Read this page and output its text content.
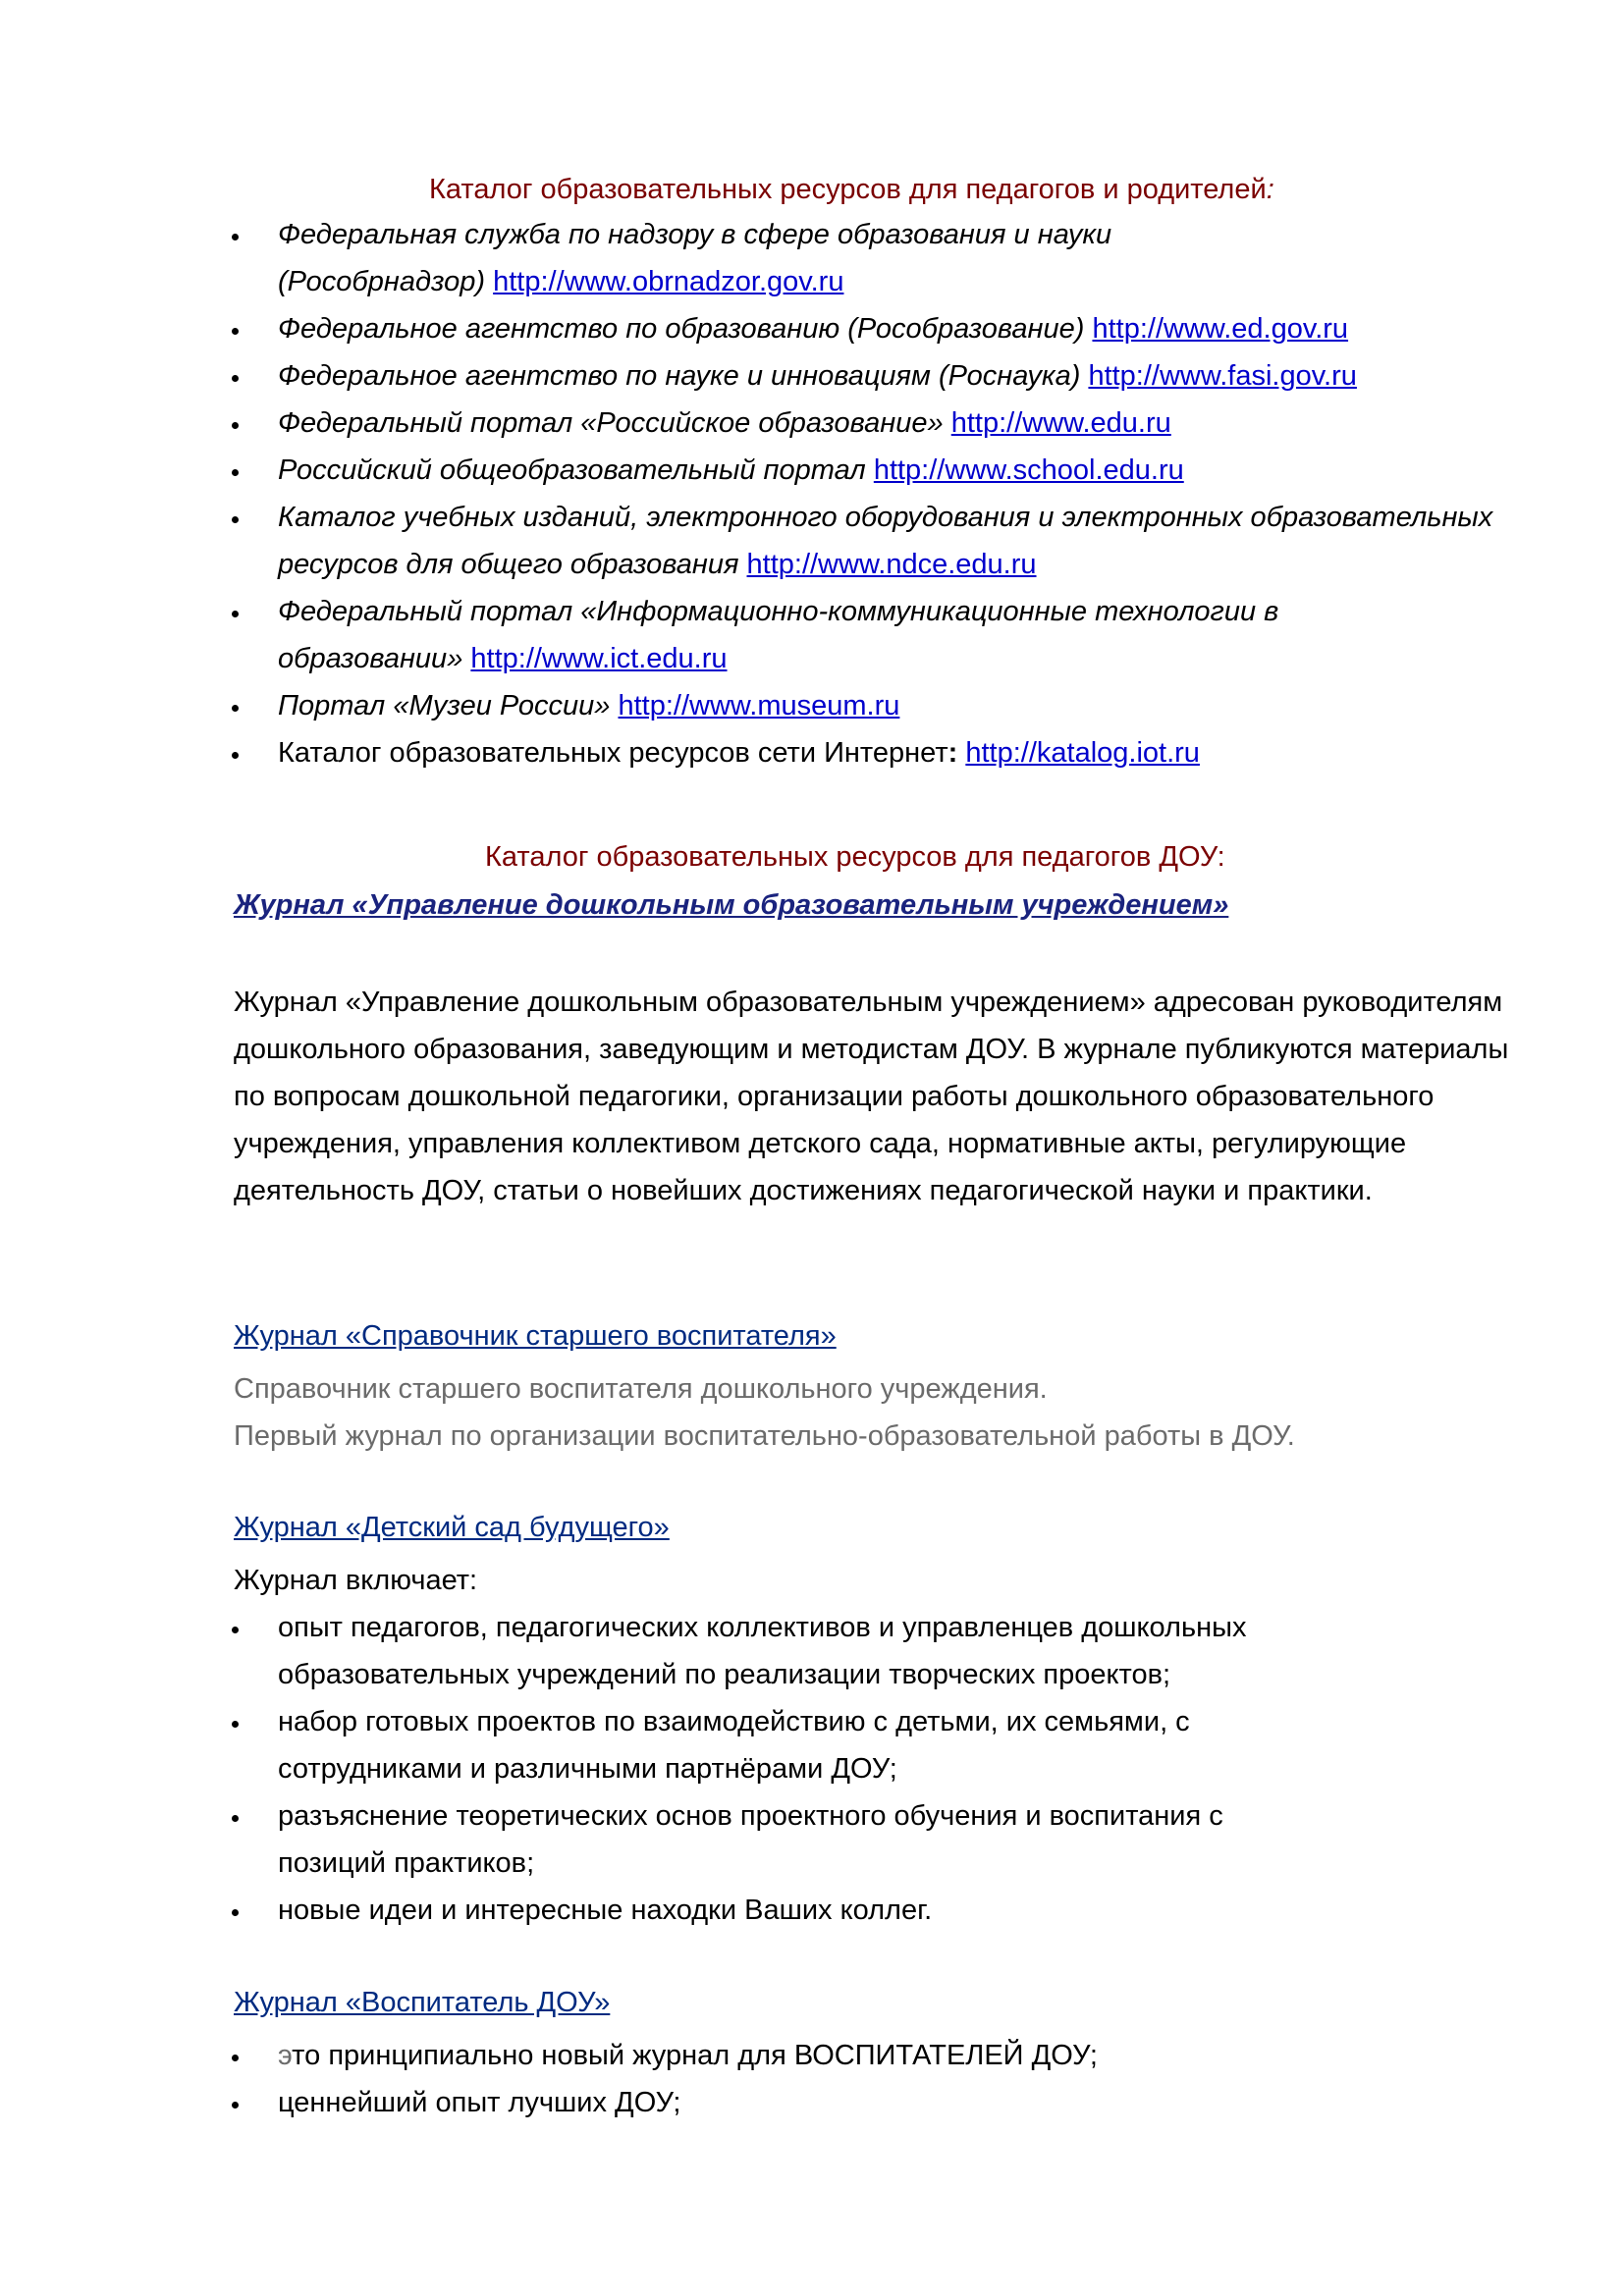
Каталог образовательных ресурсов для педагогов и родителей:
Федеральная служба по надзору в сфере образования и науки
(Рособрнадзор) http://www.obrnadzor.gov.ru
Федеральное агентство по образованию (Рособразование) http://www.ed.gov.ru
Федеральное агентство по науке и инновациям (Роснаука) http://www.fasi.gov.ru
Федеральный портал «Российское образование» http://www.edu.ru
Российский общеобразовательный портал http://www.school.edu.ru
Каталог учебных изданий, электронного оборудования и электронных образовательных
ресурсов для общего образования http://www.ndce.edu.ru
Федеральный портал «Информационно-коммуникационные технологии в
образовании» http://www.ict.edu.ru
Портал «Музеи России» http://www.museum.ru
Каталог образовательных ресурсов сети Интернет: http://katalog.iot.ru
Каталог образовательных ресурсов для педагогов ДОУ:
Журнал «Управление дошкольным образовательным учреждением»
Журнал «Управление дошкольным образовательным учреждением» адресован руководителям дошкольного образования, заведующим и методистам ДОУ. В журнале публикуются материалы по вопросам дошкольной педагогики, организации работы дошкольного образовательного учреждения, управления коллективом детского сада, нормативные акты, регулирующие деятельность ДОУ, статьи о новейших достижениях педагогической науки и практики.
Журнал «Справочник старшего воспитателя»
Справочник старшего воспитателя дошкольного учреждения.
Первый журнал по организации воспитательно-образовательной работы в ДОУ.
Журнал «Детский сад будущего»
Журнал включает:
опыт педагогов, педагогических коллективов и управленцев дошкольных образовательных учреждений по реализации творческих проектов;
набор готовых проектов по взаимодействию с детьми, их семьями, с сотрудниками и различными партнёрами ДОУ;
разъяснение теоретических основ проектного обучения и воспитания с позиций практиков;
новые идеи и интересные находки Ваших коллег.
Журнал «Воспитатель ДОУ»
это принципиально новый журнал для ВОСПИТАТЕЛЕЙ ДОУ;
ценнейший опыт лучших ДОУ;
